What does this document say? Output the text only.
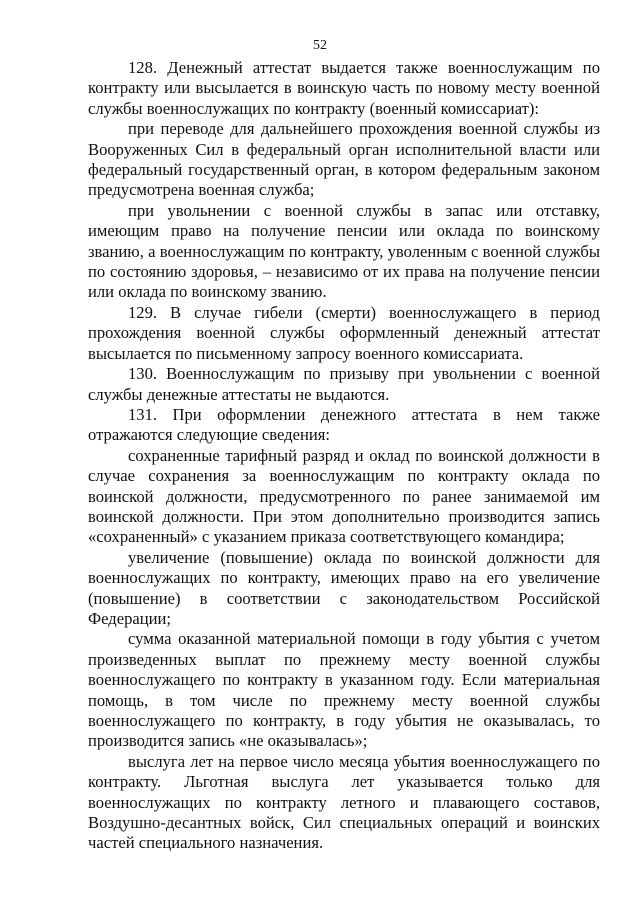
52

128. Денежный аттестат выдается также военнослужащим по контракту или высылается в воинскую часть по новому месту военной службы военнослужащих по контракту (военный комиссариат):

при переводе для дальнейшего прохождения военной службы из Вооруженных Сил в федеральный орган исполнительной власти или федеральный государственный орган, в котором федеральным законом предусмотрена военная служба;

при увольнении с военной службы в запас или отставку, имеющим право на получение пенсии или оклада по воинскому званию, а военнослужащим по контракту, уволенным с военной службы по состоянию здоровья, – независимо от их права на получение пенсии или оклада по воинскому званию.

129. В случае гибели (смерти) военнослужащего в период прохождения военной службы оформленный денежный аттестат высылается по письменному запросу военного комиссариата.

130. Военнослужащим по призыву при увольнении с военной службы денежные аттестаты не выдаются.

131. При оформлении денежного аттестата в нем также отражаются следующие сведения:

сохраненные тарифный разряд и оклад по воинской должности в случае сохранения за военнослужащим по контракту оклада по воинской должности, предусмотренного по ранее занимаемой им воинской должности. При этом дополнительно производится запись «сохраненный» с указанием приказа соответствующего командира;

увеличение (повышение) оклада по воинской должности для военнослужащих по контракту, имеющих право на его увеличение (повышение) в соответствии с законодательством Российской Федерации;

сумма оказанной материальной помощи в году убытия с учетом произведенных выплат по прежнему месту военной службы военнослужащего по контракту в указанном году. Если материальная помощь, в том числе по прежнему месту военной службы военнослужащего по контракту, в году убытия не оказывалась, то производится запись «не оказывалась»;

выслуга лет на первое число месяца убытия военнослужащего по контракту. Льготная выслуга лет указывается только для военнослужащих по контракту летного и плавающего составов, Воздушно-десантных войск, Сил специальных операций и воинских частей специального назначения.
